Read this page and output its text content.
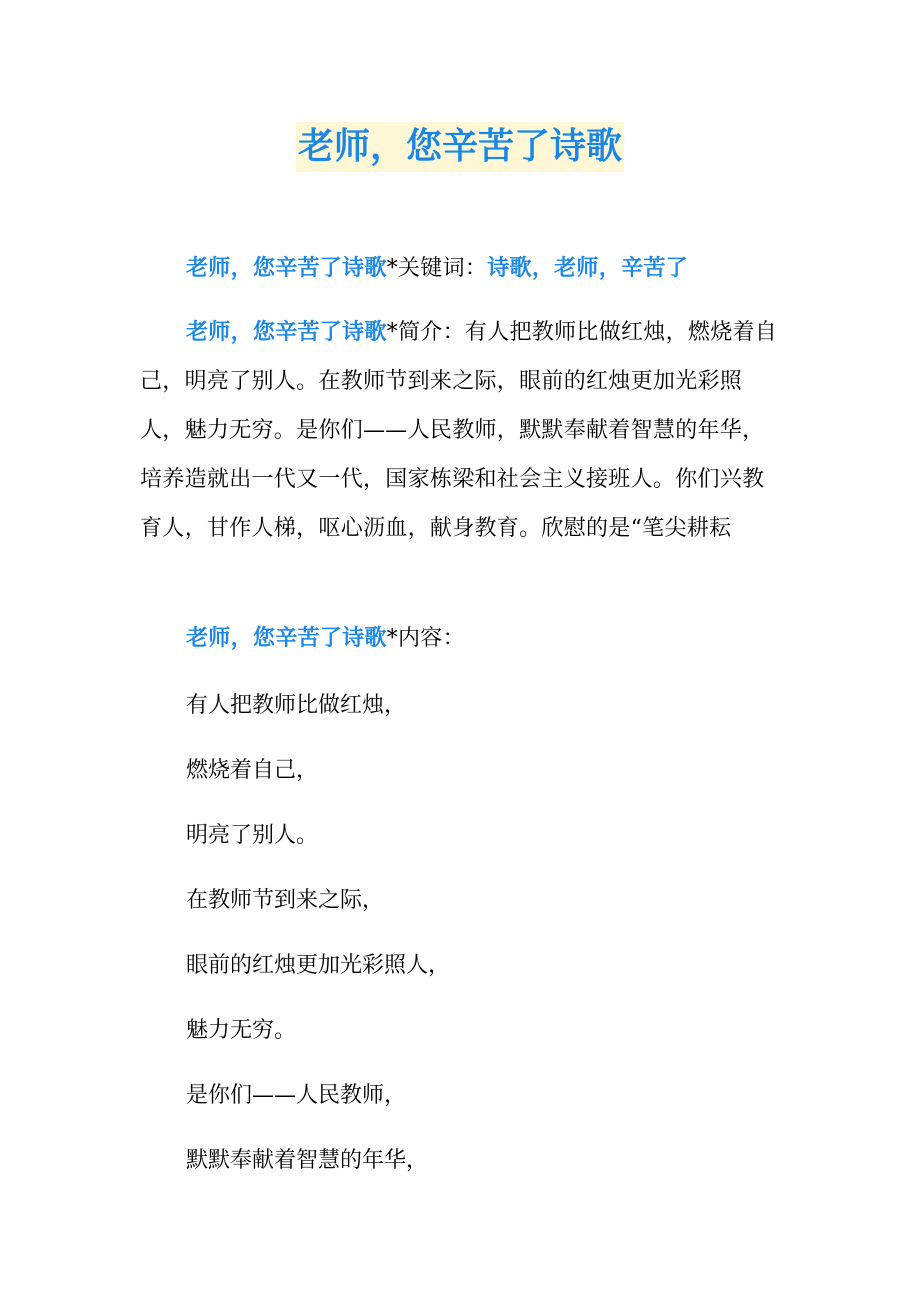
老师，您辛苦了诗歌

老师，您辛苦了诗歌*关键词：诗歌，老师，辛苦了

老师，您辛苦了诗歌*简介：有人把教师比做红烛，燃烧着自己，明亮了别人。在教师节到来之际，眼前的红烛更加光彩照人，魅力无穷。是你们——人民教师，默默奉献着智慧的年华，培养造就出一代又一代，国家栋梁和社会主义接班人。你们兴教育人，甘作人梯，呕心沥血，献身教育。欣慰的是“笔尖耕耘

老师，您辛苦了诗歌*内容：

有人把教师比做红烛，

燃烧着自己，

明亮了别人。

在教师节到来之际，

眼前的红烛更加光彩照人，

魅力无穷。

是你们——人民教师，

默默奉献着智慧的年华，
